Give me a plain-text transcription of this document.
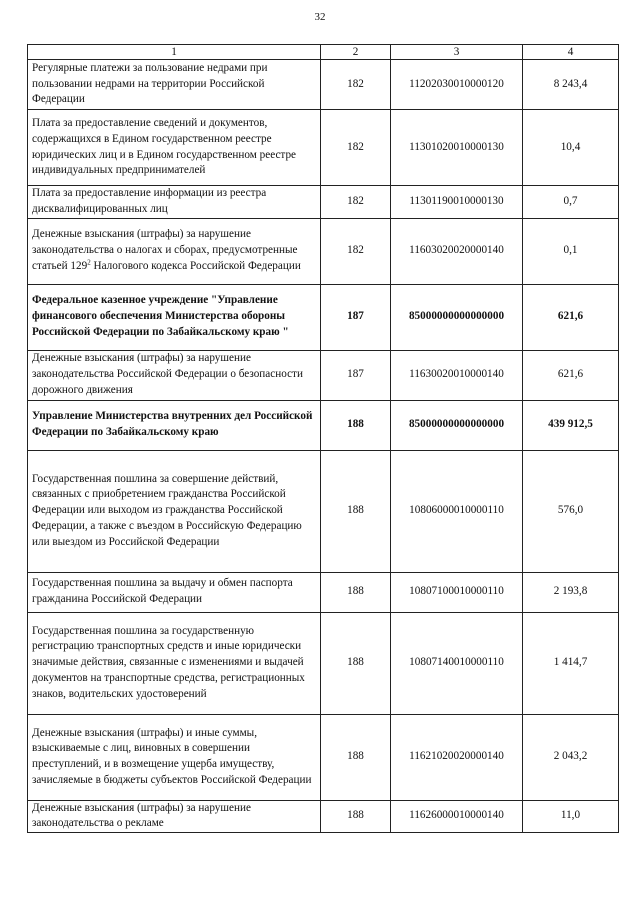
32
1	2	3	4
Регулярные платежи за пользование недрами при пользовании недрами на территории Российской Федерации	182	11202030010000120	8 243,4
Плата за предоставление сведений и документов, содержащихся в Едином государственном реестре юридических лиц и в Едином государственном реестре индивидуальных предпринимателей	182	11301020010000130	10,4
Плата за предоставление информации из реестра дисквалифицированных лиц	182	11301190010000130	0,7
Денежные взыскания (штрафы) за нарушение законодательства о налогах и сборах, предусмотренные статьей $129^2$ Налогового кодекса Российской Федерации	182	11603020020000140	0,1
Федеральное казенное учреждение "Управление финансового обеспечения Министерства обороны Российской Федерации по Забайкальскому краю "	187	85000000000000000	621,6
Денежные взыскания (штрафы) за нарушение законодательства Российской Федерации о безопасности дорожного движения	187	11630020010000140	621,6
Управление Министерства внутренних дел Российской Федерации по Забайкальскому краю	188	85000000000000000	439 912,5
Государственная пошлина за совершение действий, связанных с приобретением гражданства Российской Федерации или выходом из гражданства Российской Федерации, а также с въездом в Российскую Федерацию или выездом из Российской Федерации	188	10806000010000110	576,0
Государственная пошлина за выдачу и обмен паспорта гражданина Российской Федерации	188	10807100010000110	2 193,8
Государственная пошлина за государственную регистрацию транспортных средств и иные юридически значимые действия, связанные с изменениями и выдачей документов на транспортные средства, регистрационных знаков, водительских удостоверений	188	10807140010000110	1 414,7
Денежные взыскания (штрафы) и иные суммы, взыскиваемые с лиц, виновных в совершении преступлений, и в возмещение ущерба имуществу, зачисляемые в бюджеты субъектов Российской Федерации	188	11621020020000140	2 043,2
Денежные взыскания (штрафы) за нарушение законодательства о рекламе	188	11626000010000140	11,0
